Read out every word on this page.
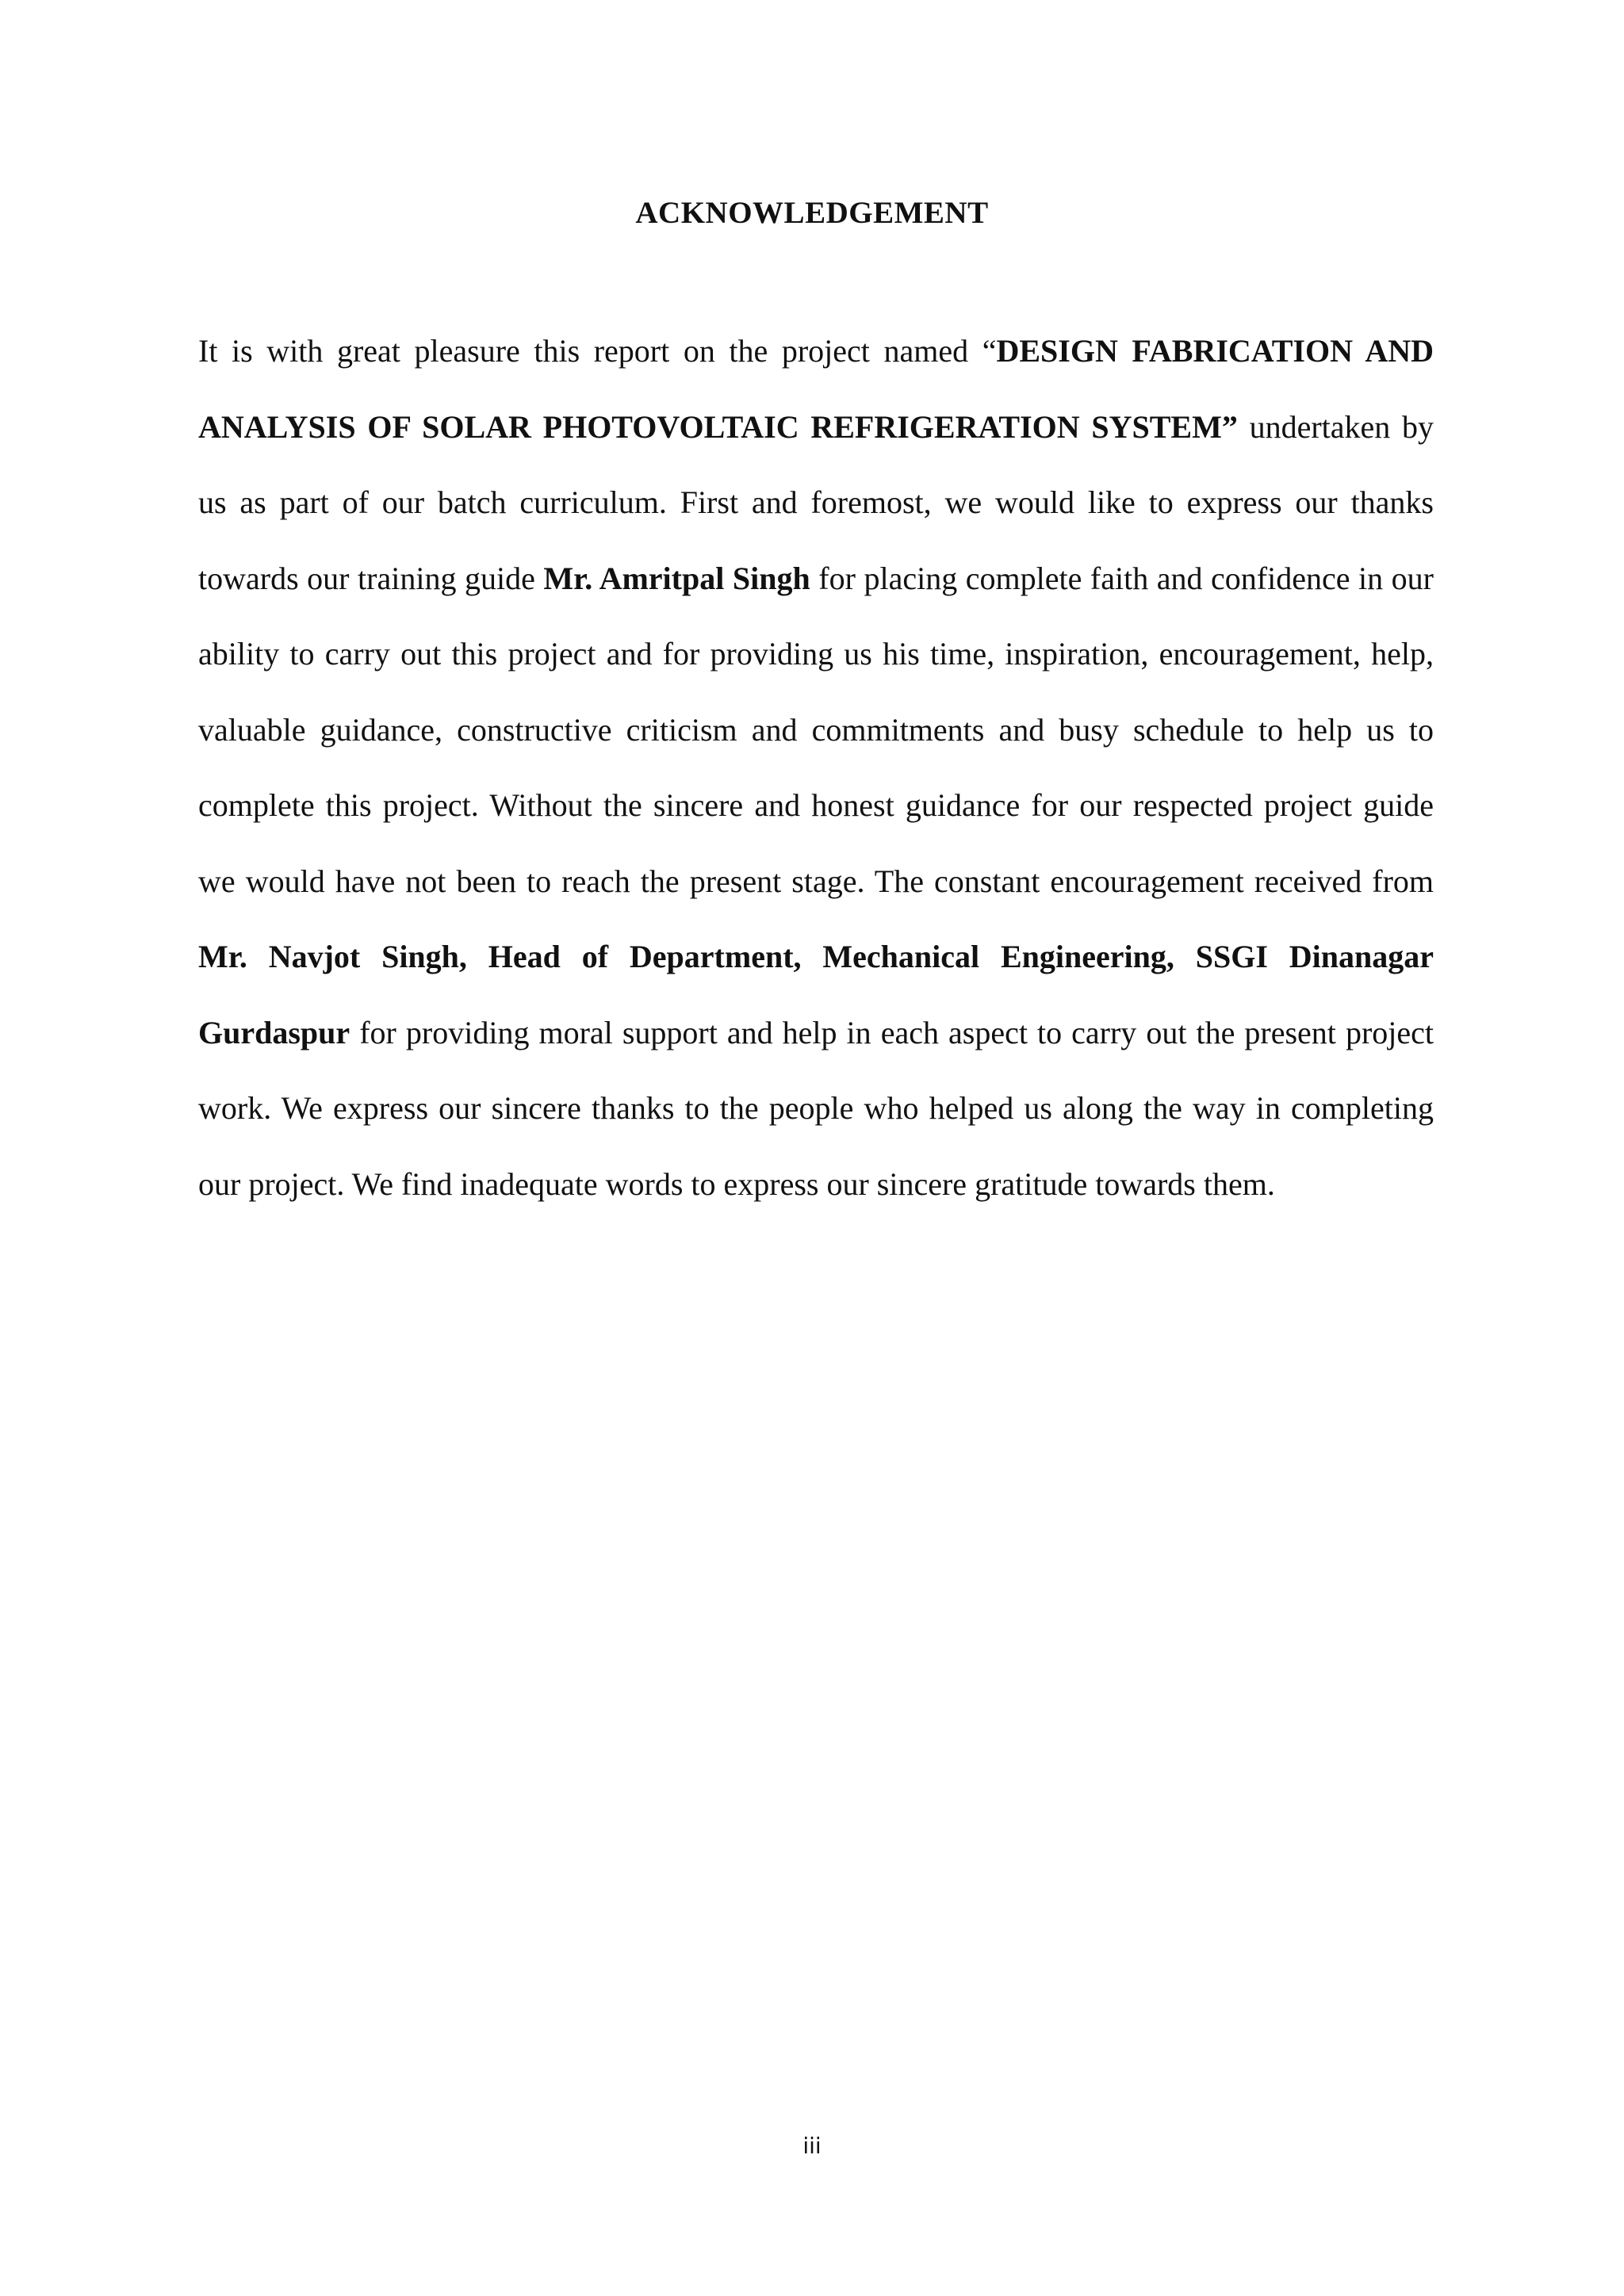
ACKNOWLEDGEMENT

It is with great pleasure this report on the project named “DESIGN FABRICATION AND ANALYSIS OF SOLAR PHOTOVOLTAIC REFRIGERATION SYSTEM” undertaken by us as part of our batch curriculum. First and foremost, we would like to express our thanks towards our training guide Mr. Amritpal Singh for placing complete faith and confidence in our ability to carry out this project and for providing us his time, inspiration, encouragement, help, valuable guidance, constructive criticism and commitments and busy schedule to help us to complete this project. Without the sincere and honest guidance for our respected project guide we would have not been to reach the present stage. The constant encouragement received from Mr. Navjot Singh, Head of Department, Mechanical Engineering, SSGI Dinanagar Gurdaspur for providing moral support and help in each aspect to carry out the present project work. We express our sincere thanks to the people who helped us along the way in completing our project. We find inadequate words to express our sincere gratitude towards them.

iii
